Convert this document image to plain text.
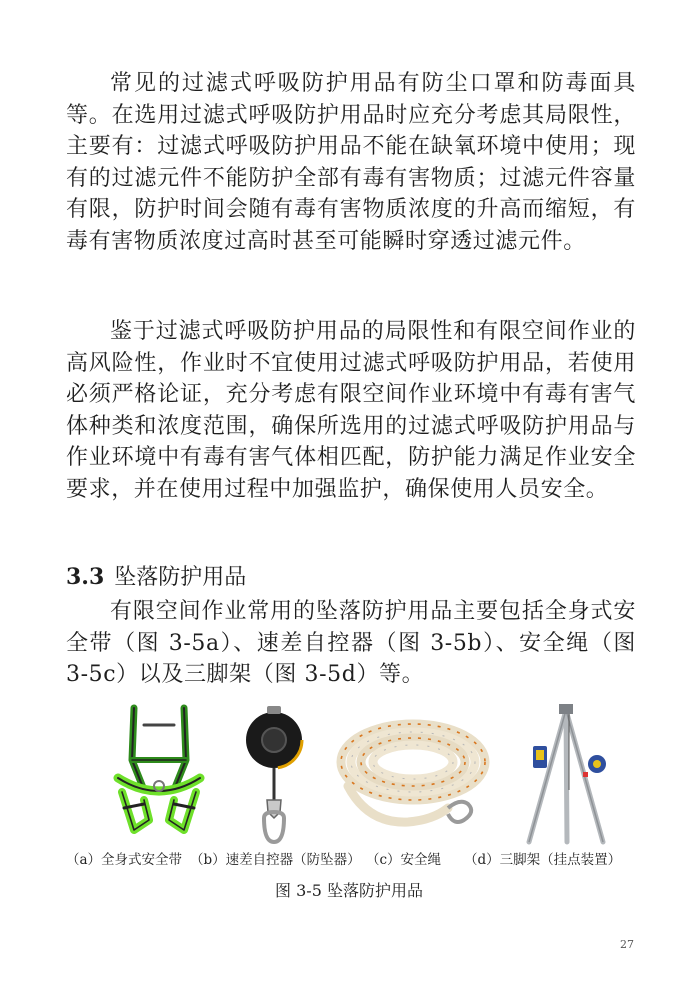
常见的过滤式呼吸防护用品有防尘口罩和防毒面具等。在选用过滤式呼吸防护用品时应充分考虑其局限性，主要有：过滤式呼吸防护用品不能在缺氧环境中使用；现有的过滤元件不能防护全部有毒有害物质；过滤元件容量有限，防护时间会随有毒有害物质浓度的升高而缩短，有毒有害物质浓度过高时甚至可能瞬时穿透过滤元件。

鉴于过滤式呼吸防护用品的局限性和有限空间作业的高风险性，作业时不宜使用过滤式呼吸防护用品，若使用必须严格论证，充分考虑有限空间作业环境中有毒有害气体种类和浓度范围，确保所选用的过滤式呼吸防护用品与作业环境中有毒有害气体相匹配，防护能力满足作业安全要求，并在使用过程中加强监护，确保使用人员安全。

3.3 坠落防护用品

有限空间作业常用的坠落防护用品主要包括全身式安全带（图 3-5a）、速差自控器（图 3-5b）、安全绳（图 3-5c）以及三脚架（图 3-5d）等。

（a）全身式安全带 （b）速差自控器（防坠器） （c）安全绳 （d）三脚架（挂点装置）
图 3-5 坠落防护用品
27
